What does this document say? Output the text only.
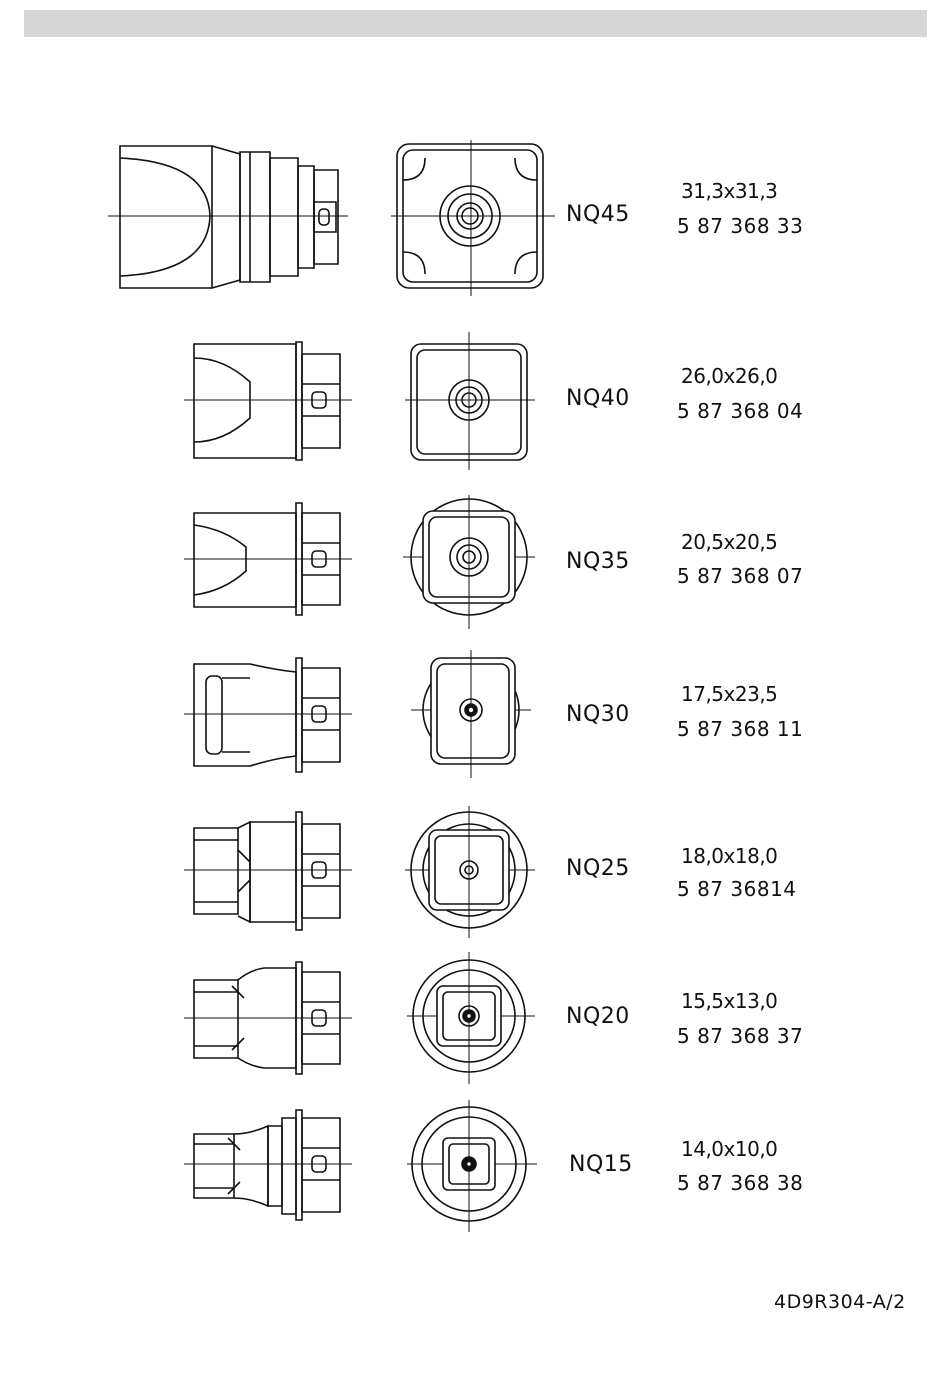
NQ45
31,3x31,3
5 87 368 33
NQ40
26,0x26,0
5 87 368 04
NQ35
20,5x20,5
5 87 368 07
NQ30
17,5x23,5
5 87 368 11
NQ25	18,0x18,0
5 87 36814
NQ20
15,5x13,0
5 87 368 37
NQ15
14,0x10,0
5 87 368 38
4D9R304-A/2
